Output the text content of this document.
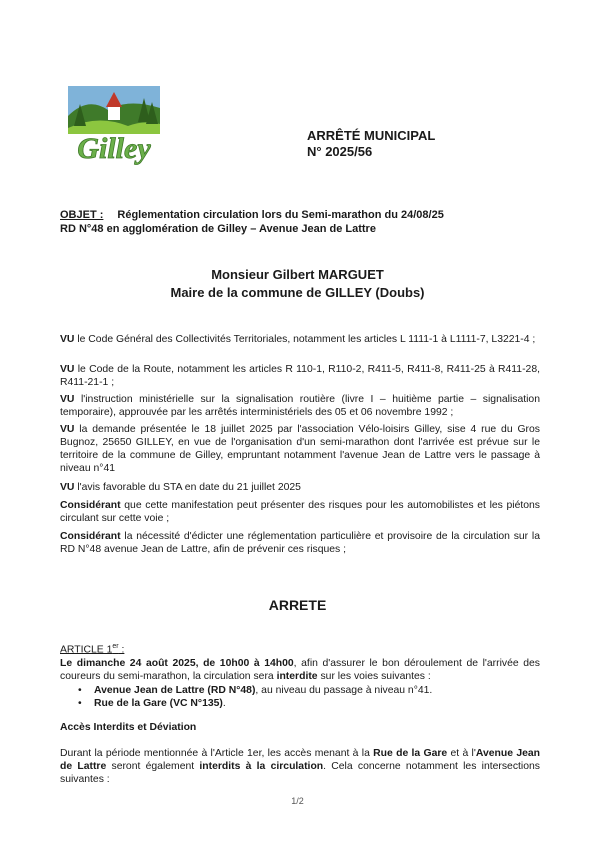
Gilley	ARRÊTÉ MUNICIPAL
N° 2025/56
OBJET : Réglementation circulation lors du Semi-marathon du 24/08/25
RD N°48 en agglomération de Gilley – Avenue Jean de Lattre
Monsieur Gilbert MARGUET
Maire de la commune de GILLEY (Doubs)
VU le Code Général des Collectivités Territoriales, notamment les articles L 1111-1 à L1111-7, L3221-4 ;
VU le Code de la Route, notamment les articles R 110-1, R110-2, R411-5, R411-8, R411-25 à R411-28, R411-21-1 ;
VU l'instruction ministérielle sur la signalisation routière (livre I – huitième partie – signalisation temporaire), approuvée par les arrêtés interministériels des 05 et 06 novembre 1992 ;
VU la demande présentée le 18 juillet 2025 par l'association Vélo-loisirs Gilley, sise 4 rue du Gros Bugnoz, 25650 GILLEY, en vue de l'organisation d'un semi-marathon dont l'arrivée est prévue sur le territoire de la commune de Gilley, empruntant notamment l'avenue Jean de Lattre vers le passage à niveau n°41
VU l'avis favorable du STA en date du 21 juillet 2025
Considérant que cette manifestation peut présenter des risques pour les automobilistes et les piétons circulant sur cette voie ;
Considérant la nécessité d'édicter une réglementation particulière et provisoire de la circulation sur la RD N°48 avenue Jean de Lattre, afin de prévenir ces risques ;
ARRETE
ARTICLE 1er :
Le dimanche 24 août 2025, de 10h00 à 14h00, afin d'assurer le bon déroulement de l'arrivée des coureurs du semi-marathon, la circulation sera interdite sur les voies suivantes :
• Avenue Jean de Lattre (RD N°48), au niveau du passage à niveau n°41.
• Rue de la Gare (VC N°135).
Accès Interdits et Déviation
Durant la période mentionnée à l'Article 1er, les accès menant à la Rue de la Gare et à l'Avenue Jean de Lattre seront également interdits à la circulation. Cela concerne notamment les intersections suivantes :
1/2
